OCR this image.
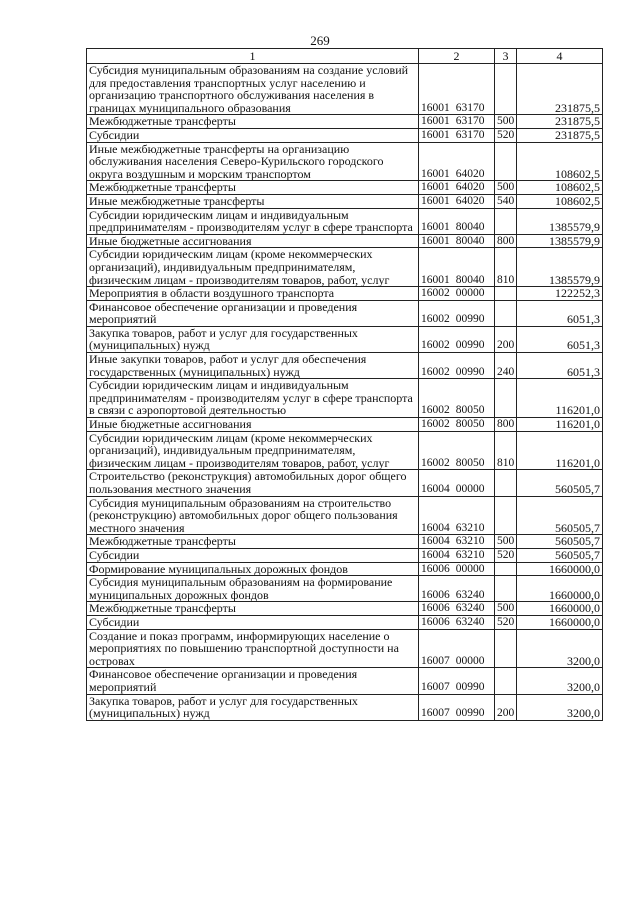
269
1	2	3	4
Субсидия муниципальным образованиям на создание условий для предоставления транспортных услуг населению и организацию транспортного обслуживания населения в границах муниципального образования	16001 63170		231875,5
Межбюджетные трансферты	16001 63170	500	231875,5
Субсидии	16001 63170	520	231875,5
Иные межбюджетные трансферты на организацию обслуживания населения Северо-Курильского городского округа воздушным и морским транспортом	16001 64020		108602,5
Межбюджетные трансферты	16001 64020	500	108602,5
Иные межбюджетные трансферты	16001 64020	540	108602,5
Субсидии юридическим лицам и индивидуальным предпринимателям - производителям услуг в сфере транспорта	16001 80040		1385579,9
Иные бюджетные ассигнования	16001 80040	800	1385579,9
Субсидии юридическим лицам (кроме некоммерческих организаций), индивидуальным предпринимателям, физическим лицам - производителям товаров, работ, услуг	16001 80040	810	1385579,9
Мероприятия в области воздушного транспорта	16002 00000		122252,3
Финансовое обеспечение организации и проведения мероприятий	16002 00990		6051,3
Закупка товаров, работ и услуг для государственных (муниципальных) нужд	16002 00990	200	6051,3
Иные закупки товаров, работ и услуг для обеспечения государственных (муниципальных) нужд	16002 00990	240	6051,3
Субсидии юридическим лицам и индивидуальным предпринимателям - производителям услуг в сфере транспорта в связи с аэропортовой деятельностью	16002 80050		116201,0
Иные бюджетные ассигнования	16002 80050	800	116201,0
Субсидии юридическим лицам (кроме некоммерческих организаций), индивидуальным предпринимателям, физическим лицам - производителям товаров, работ, услуг	16002 80050	810	116201,0
Строительство (реконструкция) автомобильных дорог общего пользования местного значения	16004 00000		560505,7
Субсидия муниципальным образованиям на строительство (реконструкцию) автомобильных дорог общего пользования местного значения	16004 63210		560505,7
Межбюджетные трансферты	16004 63210	500	560505,7
Субсидии	16004 63210	520	560505,7
Формирование муниципальных дорожных фондов	16006 00000		1660000,0
Субсидия муниципальным образованиям на формирование муниципальных дорожных фондов	16006 63240		1660000,0
Межбюджетные трансферты	16006 63240	500	1660000,0
Субсидии	16006 63240	520	1660000,0
Создание и показ программ, информирующих население о мероприятиях по повышению транспортной доступности на островах	16007 00000		3200,0
Финансовое обеспечение организации и проведения мероприятий	16007 00990		3200,0
Закупка товаров, работ и услуг для государственных (муниципальных) нужд	16007 00990	200	3200,0
